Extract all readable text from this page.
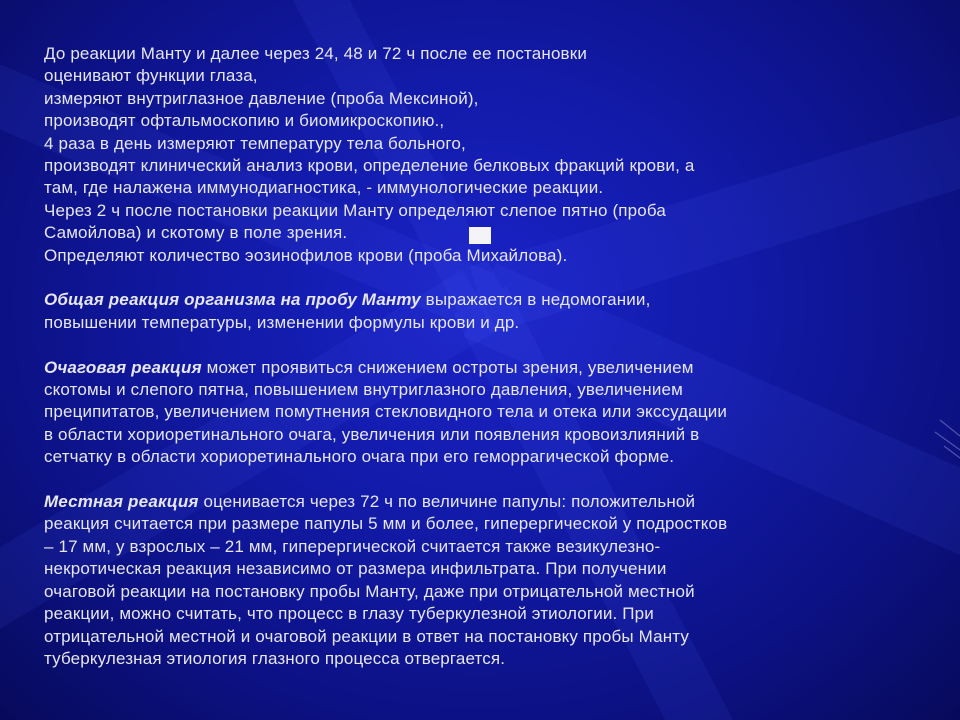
До реакции Манту и далее через 24, 48 и 72 ч после ее постановки
оценивают функции глаза,
измеряют внутриглазное давление (проба Мексиной),
производят офтальмоскопию и биомикроскопию.,
4 раза в день измеряют температуру тела больного,
производят клинический анализ крови, определение белковых фракций крови, а
там, где налажена иммунодиагностика, - иммунологические реакции.
Через 2 ч после постановки реакции Манту определяют слепое пятно (проба
Самойлова) и скотому в поле зрения.
Определяют количество эозинофилов крови (проба Михайлова).
Общая реакция организма на пробу Манту выражается в недомогании,
повышении температуры, изменении формулы крови и др.
Очаговая реакция может проявиться снижением остроты зрения, увеличением
скотомы и слепого пятна, повышением внутриглазного давления, увеличением
преципитатов, увеличением помутнения стекловидного тела и отека или экссудации
в области хориоретинального очага, увеличения или появления кровоизлияний в
сетчатку в области хориоретинального очага при его геморрагической форме.
Местная реакция оценивается через 72 ч по величине папулы: положительной
реакция считается при размере папулы 5 мм и более, гиперергической у подростков
– 17 мм, у взрослых – 21 мм, гиперергической считается также везикулезно-
некротическая реакция независимо от размера инфильтрата. При получении
очаговой реакции на постановку пробы Манту, даже при отрицательной местной
реакции, можно считать, что процесс в глазу туберкулезной этиологии. При
отрицательной местной и очаговой реакции в ответ на постановку пробы Манту
туберкулезная этиология глазного процесса отвергается.
